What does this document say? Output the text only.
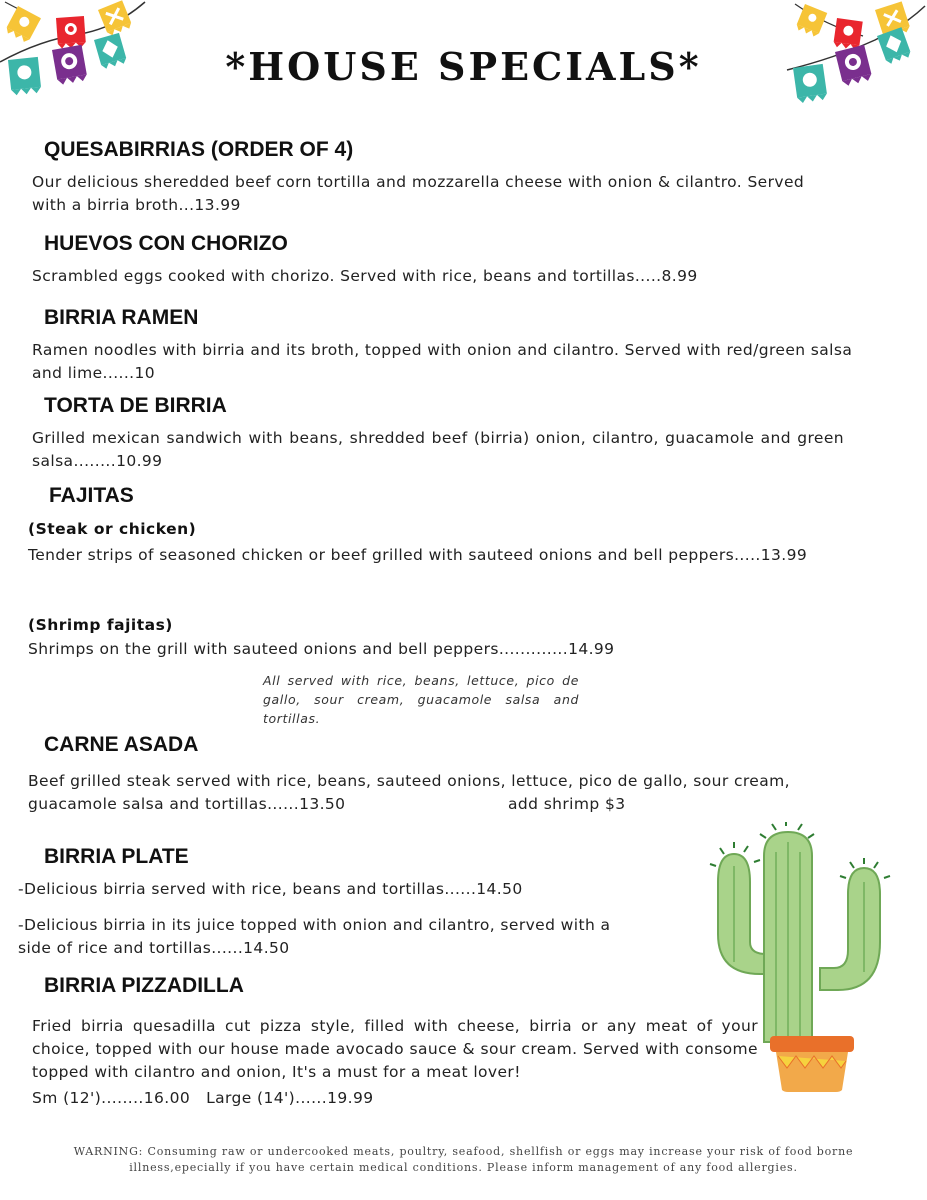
*HOUSE SPECIALS*
QUESABIRRIAS (ORDER OF 4)
Our delicious sheredded beef corn tortilla and mozzarella cheese with onion & cilantro. Served with a birria broth...13.99
HUEVOS CON CHORIZO
Scrambled eggs cooked with chorizo. Served with rice, beans and tortillas.....8.99
BIRRIA RAMEN
Ramen noodles with birria and its broth, topped with onion and cilantro. Served with red/green salsa and lime......10
TORTA DE BIRRIA
Grilled mexican sandwich with beans, shredded beef (birria) onion, cilantro, guacamole and green salsa........10.99
FAJITAS
(Steak or chicken)
Tender strips of seasoned chicken or beef grilled with sauteed onions and bell peppers.....13.99
(Shrimp fajitas)
Shrimps on the grill with sauteed onions and bell peppers.............14.99
All served with rice, beans, lettuce, pico de gallo, sour cream, guacamole salsa and tortillas.
CARNE ASADA
Beef grilled steak served with rice, beans, sauteed onions, lettuce, pico de gallo, sour cream,
guacamole salsa and tortillas......13.50	add shrimp $3
BIRRIA PLATE
-Delicious birria served with rice, beans and tortillas......14.50
-Delicious birria in its juice topped with onion and cilantro, served with a side of rice and tortillas......14.50
BIRRIA PIZZADILLA
Fried birria quesadilla cut pizza style, filled with cheese, birria or any meat of your choice, topped with our house made avocado sauce & sour cream. Served with consome topped with cilantro and onion, It's a must for a meat lover!
Sm (12')........16.00   Large (14')......19.99
WARNING: Consuming raw or undercooked meats, poultry, seafood, shellfish or eggs may increase your risk of food borne illness,epecially if you have certain medical conditions. Please inform management of any food allergies.
